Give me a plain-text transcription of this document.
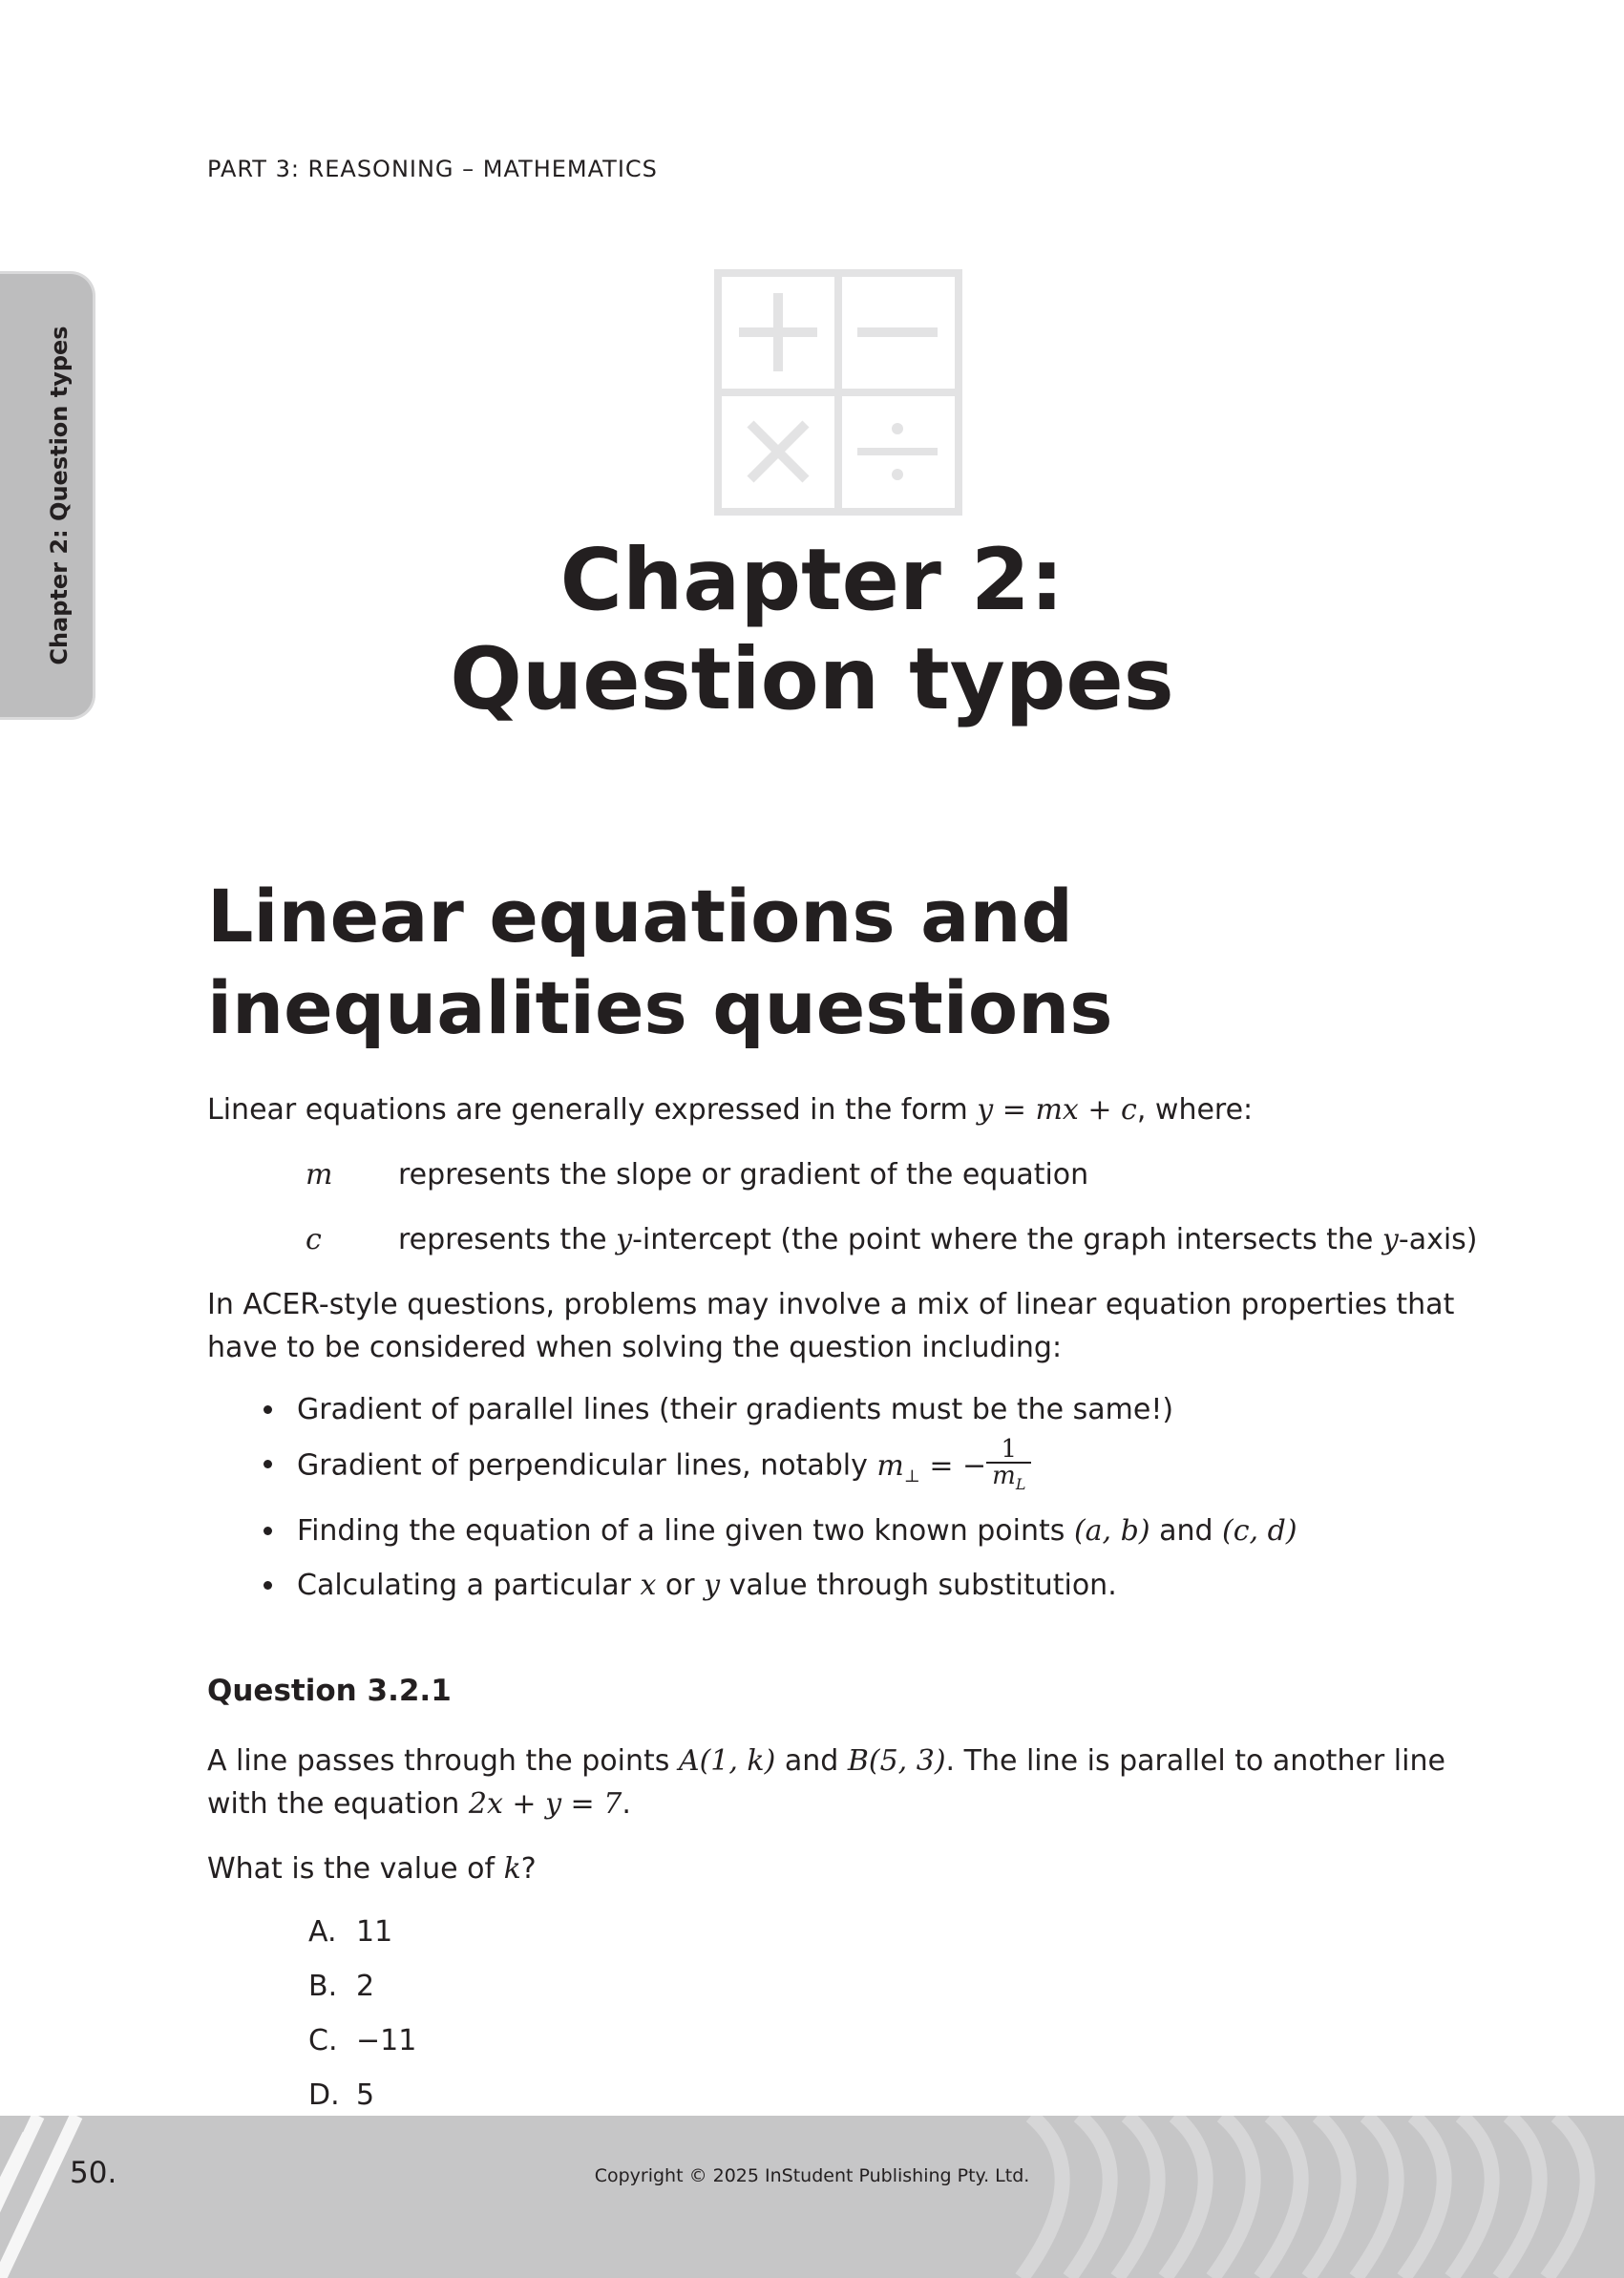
PART 3: REASONING – MATHEMATICS
Chapter 2: Question types	Chapter 2:
Question types
Linear equations and inequalities questions
Linear equations are generally expressed in the form y = mx + c, where:
m represents the slope or gradient of the equation
c	represents the y-intercept (the point where the graph intersects the y-axis)
In ACER-style questions, problems may involve a mix of linear equation properties that have to be considered when solving the question including:
Gradient of parallel lines (their gradients must be the same!)
Gradient of perpendicular lines, notably $m_\perp$ = − $\frac{1}{m_L}$
Finding the equation of a line given two known points (a, b) and (c, d)
Calculating a particular x or y value through substitution.
Question 3.2.1
A line passes through the points A(1, k) and B(5, 3). The line is parallel to another line with the equation 2x + y = 7.
What is the value of k?
A. 11
B. 2
C. −11
D. 5
50.	Copyright © 2025 InStudent Publishing Pty. Ltd.
